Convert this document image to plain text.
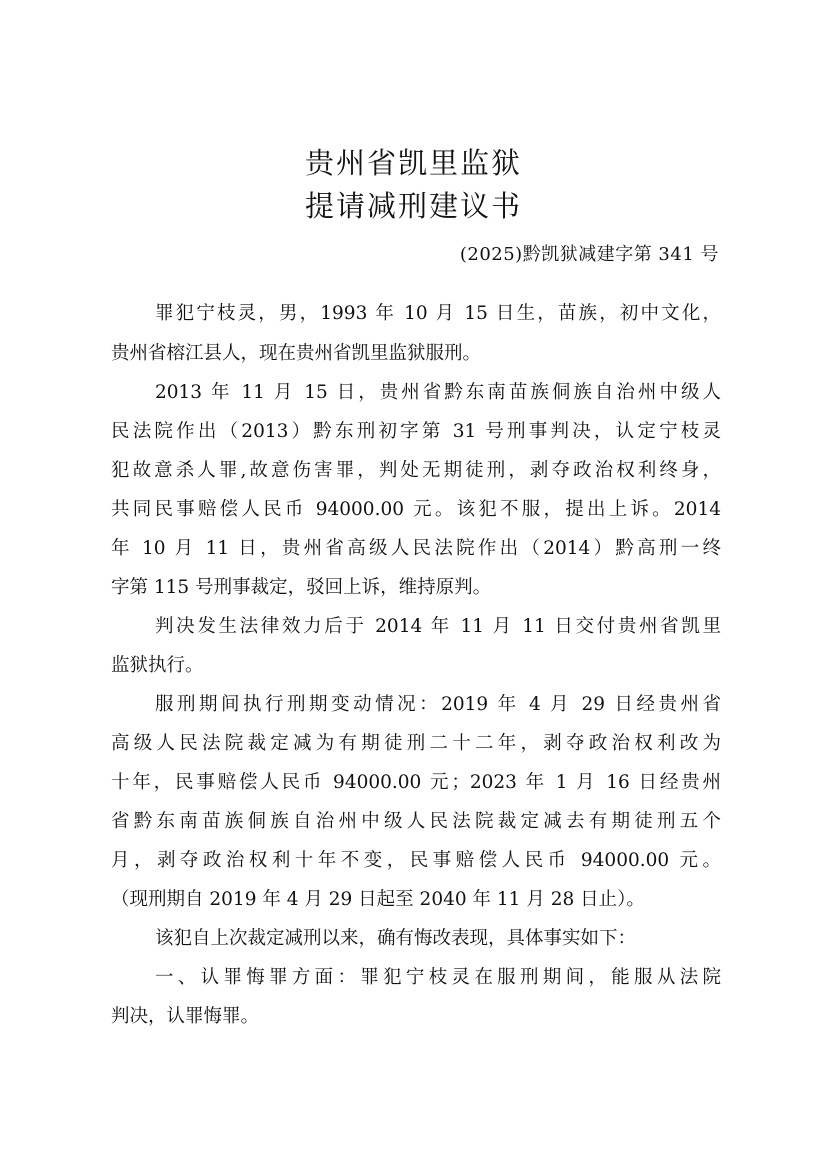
贵州省凯里监狱
提请减刑建议书
(2025)黔凯狱减建字第 341 号
罪犯宁枝灵，男，1993 年 10 月 15 日生，苗族，初中文化，
贵州省榕江县人，现在贵州省凯里监狱服刑。
2013 年 11 月 15 日，贵州省黔东南苗族侗族自治州中级人
民法院作出（2013）黔东刑初字第 31 号刑事判决，认定宁枝灵
犯故意杀人罪,故意伤害罪，判处无期徒刑，剥夺政治权利终身，
共同民事赔偿人民币 94000.00 元。该犯不服，提出上诉。2014
年 10 月 11 日，贵州省高级人民法院作出（2014）黔高刑一终
字第 115 号刑事裁定，驳回上诉，维持原判。
判决发生法律效力后于 2014 年 11 月 11 日交付贵州省凯里
监狱执行。
服刑期间执行刑期变动情况：2019 年 4 月 29 日经贵州省
高级人民法院裁定减为有期徒刑二十二年，剥夺政治权利改为
十年，民事赔偿人民币 94000.00 元；2023 年 1 月 16 日经贵州
省黔东南苗族侗族自治州中级人民法院裁定减去有期徒刑五个
月，剥夺政治权利十年不变，民事赔偿人民币 94000.00 元。
（现刑期自 2019 年 4 月 29 日起至 2040 年 11 月 28 日止）。
该犯自上次裁定减刑以来，确有悔改表现，具体事实如下：
一、认罪悔罪方面：罪犯宁枝灵在服刑期间，能服从法院
判决，认罪悔罪。
